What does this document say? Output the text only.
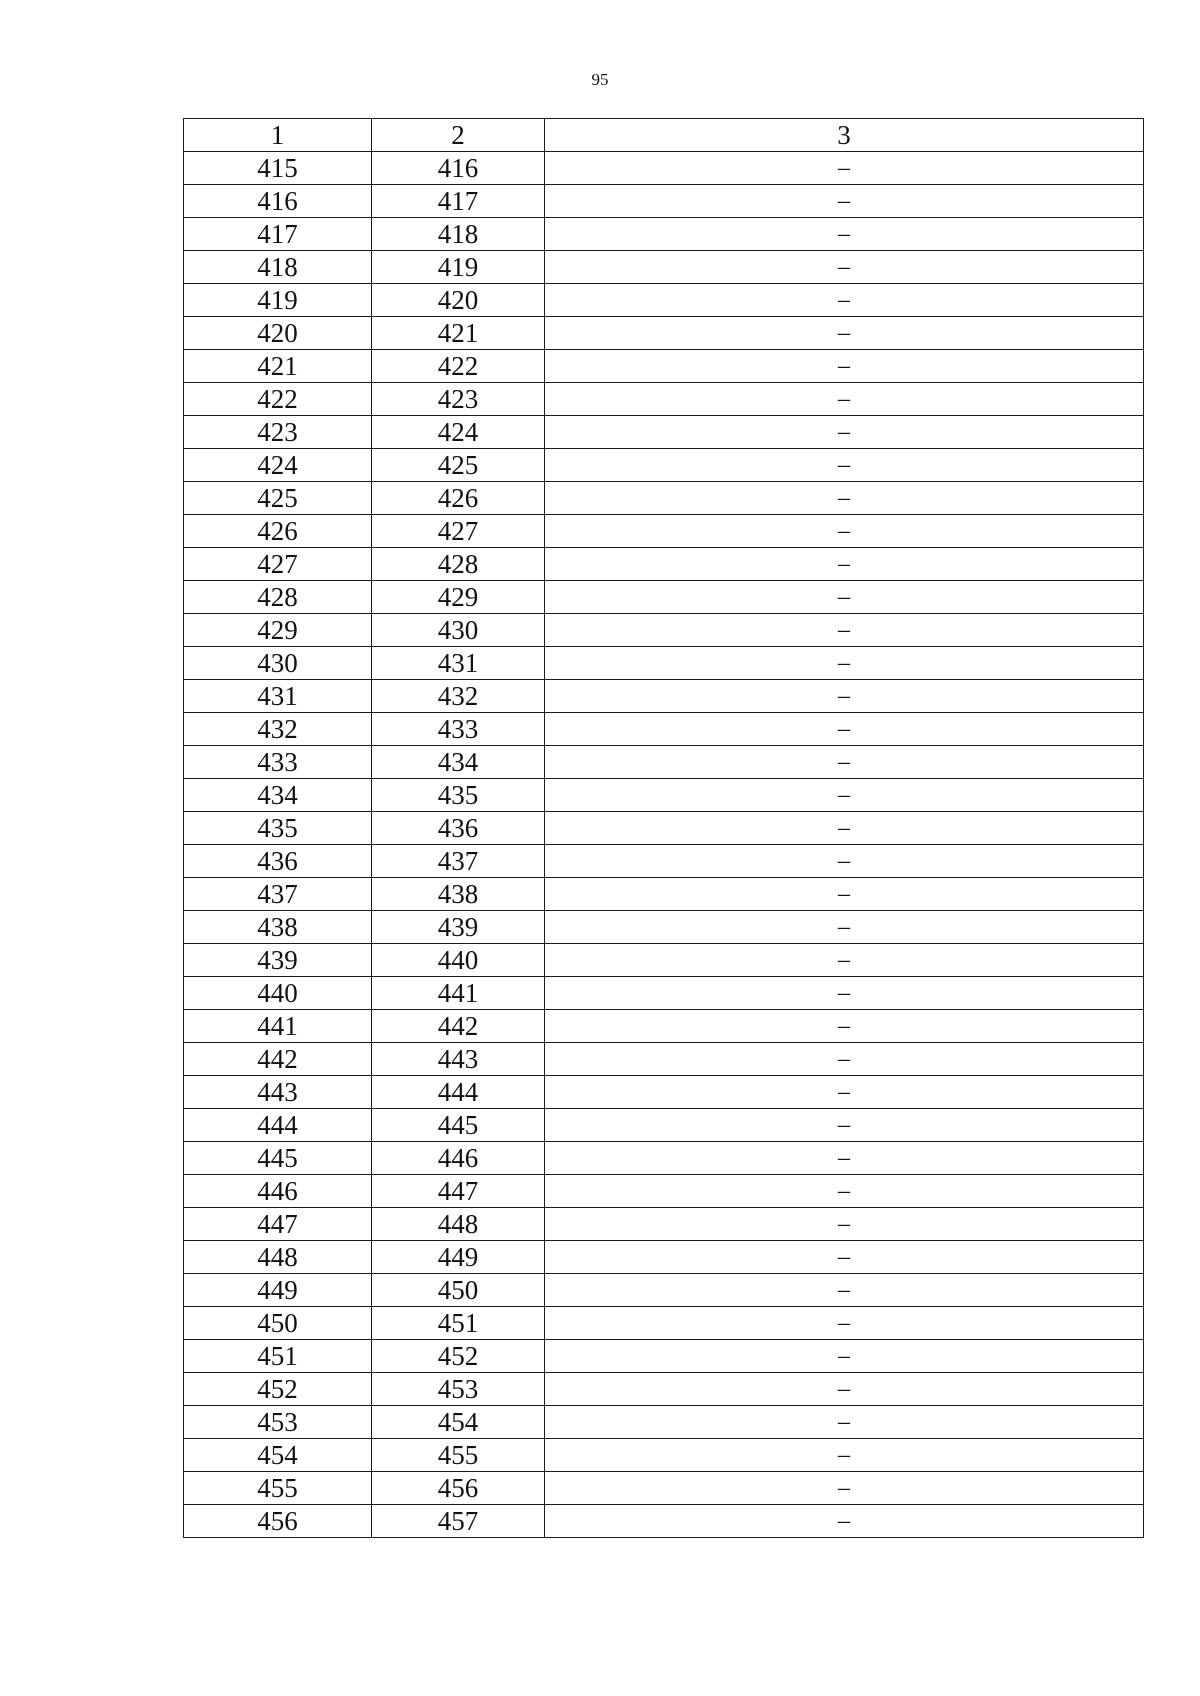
95
1	2	3
415	416	–
416	417	–
417	418	–
418	419	–
419	420	–
420	421	–
421	422	–
422	423	–
423	424	–
424	425	–
425	426	–
426	427	–
427	428	–
428	429	–
429	430	–
430	431	–
431	432	–
432	433	–
433	434	–
434	435	–
435	436	–
436	437	–
437	438	–
438	439	–
439	440	–
440	441	–
441	442	–
442	443	–
443	444	–
444	445	–
445	446	–
446	447	–
447	448	–
448	449	–
449	450	–
450	451	–
451	452	–
452	453	–
453	454	–
454	455	–
455	456	–
456	457	–
